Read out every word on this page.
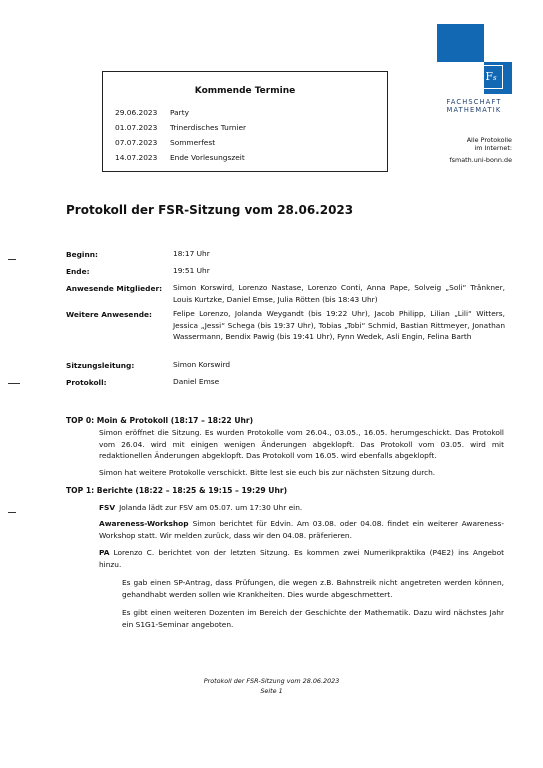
Fs
FACHSCHAFT
MATHEMATIK
Alle Protokolle
im Internet:
fsmath.uni-bonn.de
Kommende Termine
29.06.2023 Party
01.07.2023 Trinerdisches Turnier
07.07.2023 Sommerfest
14.07.2023 Ende Vorlesungszeit
Protokoll der FSR-Sitzung vom 28.06.2023
Beginn:	18:17 Uhr
Ende:	19:51 Uhr
Anwesende Mitglieder: Simon Korswird, Lorenzo Nastase, Lorenzo Conti, Anna Pape, Solveig „Soli“ Trânkner, Louis Kurtzke, Daniel Emse, Julia Rötten (bis 18:43 Uhr)
Weitere Anwesende:	Felipe Lorenzo, Jolanda Weygandt (bis 19:22 Uhr), Jacob Philipp, Lilian „Lili“ Witters, Jessica „Jessi“ Schega (bis 19:37 Uhr), Tobias „Tobi“ Schmid, Bastian Rittmeyer, Jonathan Wassermann, Bendix Pawig (bis 19:41 Uhr), Fynn Wedek, Asli Engin, Felina Barth
Sitzungsleitung:	Simon Korswird
Protokoll:	Daniel Emse
TOP 0: Moin & Protokoll (18:17 – 18:22 Uhr)
Simon eröffnet die Sitzung. Es wurden Protokolle vom 26.04., 03.05., 16.05. herumgeschickt. Das Protokoll vom 26.04. wird mit einigen wenigen Änderungen abgeklopft. Das Protokoll vom 03.05. wird mit redaktionellen Änderungen abgeklopft. Das Protokoll vom 16.05. wird ebenfalls abgeklopft.
Simon hat weitere Protokolle verschickt. Bitte lest sie euch bis zur nächsten Sitzung durch.
TOP 1: Berichte (18:22 – 18:25 & 19:15 – 19:29 Uhr)
FSV Jolanda lädt zur FSV am 05.07. um 17:30 Uhr ein.
Awareness-Workshop Simon berichtet für Edvin. Am 03.08. oder 04.08. findet ein weiterer Awareness-Workshop statt. Wir melden zurück, dass wir den 04.08. präferieren.
PA Lorenzo C. berichtet von der letzten Sitzung. Es kommen zwei Numerikpraktika (P4E2) ins Angebot hinzu.
Es gab einen SP-Antrag, dass Prüfungen, die wegen z.B. Bahnstreik nicht angetreten werden können, gehandhabt werden sollen wie Krankheiten. Dies wurde abgeschmettert.
Es gibt einen weiteren Dozenten im Bereich der Geschichte der Mathematik. Dazu wird nächstes Jahr ein S1G1-Seminar angeboten.
Protokoll der FSR-Sitzung vom 28.06.2023
Seite 1
